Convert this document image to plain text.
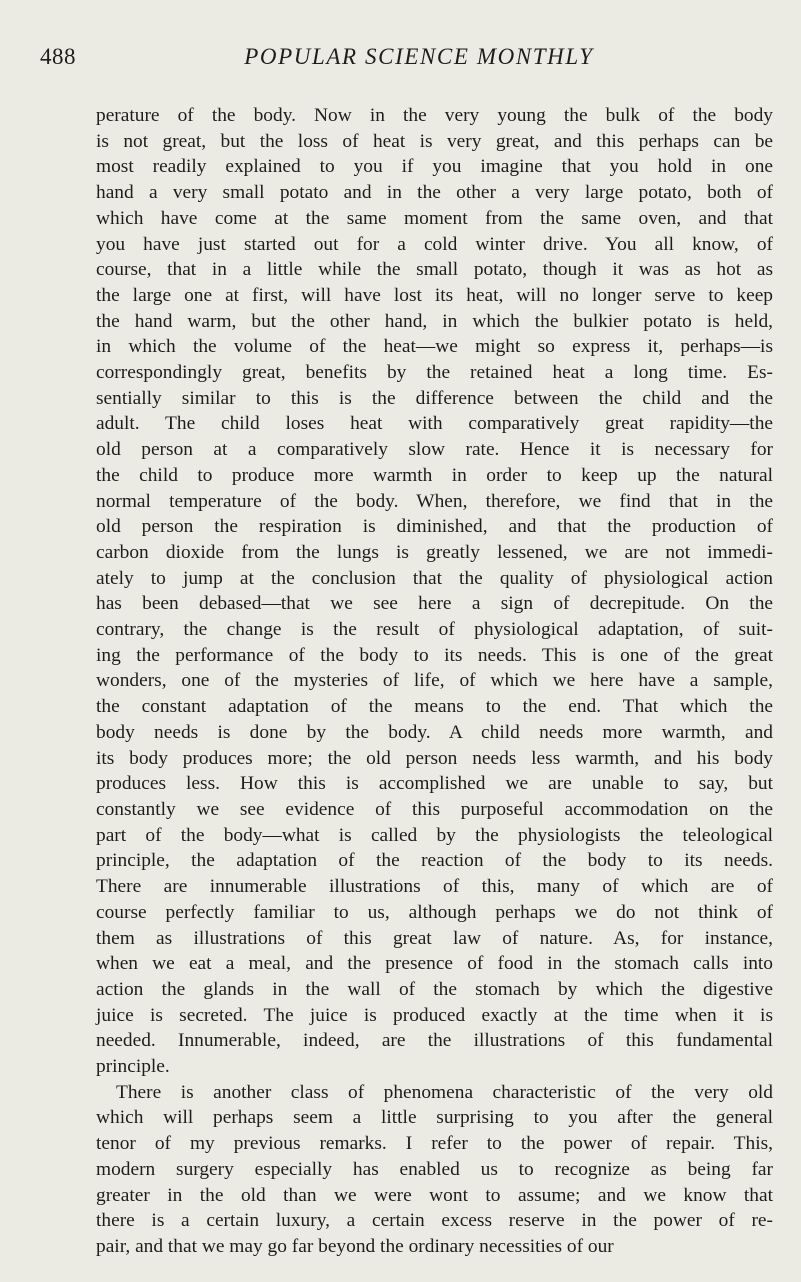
488	POPULAR SCIENCE MONTHLY
perature of the body. Now in the very young the bulk of the body
is not great, but the loss of heat is very great, and this perhaps can be
most readily explained to you if you imagine that you hold in one
hand a very small potato and in the other a very large potato, both of
which have come at the same moment from the same oven, and that
you have just started out for a cold winter drive. You all know, of
course, that in a little while the small potato, though it was as hot as
the large one at first, will have lost its heat, will no longer serve to keep
the hand warm, but the other hand, in which the bulkier potato is held,
in which the volume of the heat—we might so express it, perhaps—is
correspondingly great, benefits by the retained heat a long time. Es-
sentially similar to this is the difference between the child and the
adult. The child loses heat with comparatively great rapidity—the
old person at a comparatively slow rate. Hence it is necessary for
the child to produce more warmth in order to keep up the natural
normal temperature of the body. When, therefore, we find that in the
old person the respiration is diminished, and that the production of
carbon dioxide from the lungs is greatly lessened, we are not immedi-
ately to jump at the conclusion that the quality of physiological action
has been debased—that we see here a sign of decrepitude. On the
contrary, the change is the result of physiological adaptation, of suit-
ing the performance of the body to its needs. This is one of the great
wonders, one of the mysteries of life, of which we here have a sample,
the constant adaptation of the means to the end. That which the
body needs is done by the body. A child needs more warmth, and
its body produces more; the old person needs less warmth, and his body
produces less. How this is accomplished we are unable to say, but
constantly we see evidence of this purposeful accommodation on the
part of the body—what is called by the physiologists the teleological
principle, the adaptation of the reaction of the body to its needs.
There are innumerable illustrations of this, many of which are of
course perfectly familiar to us, although perhaps we do not think of
them as illustrations of this great law of nature. As, for instance,
when we eat a meal, and the presence of food in the stomach calls into
action the glands in the wall of the stomach by which the digestive
juice is secreted. The juice is produced exactly at the time when it is
needed. Innumerable, indeed, are the illustrations of this fundamental
principle.
There is another class of phenomena characteristic of the very old
which will perhaps seem a little surprising to you after the general
tenor of my previous remarks. I refer to the power of repair. This,
modern surgery especially has enabled us to recognize as being far
greater in the old than we were wont to assume; and we know that
there is a certain luxury, a certain excess reserve in the power of re-
pair, and that we may go far beyond the ordinary necessities of our
